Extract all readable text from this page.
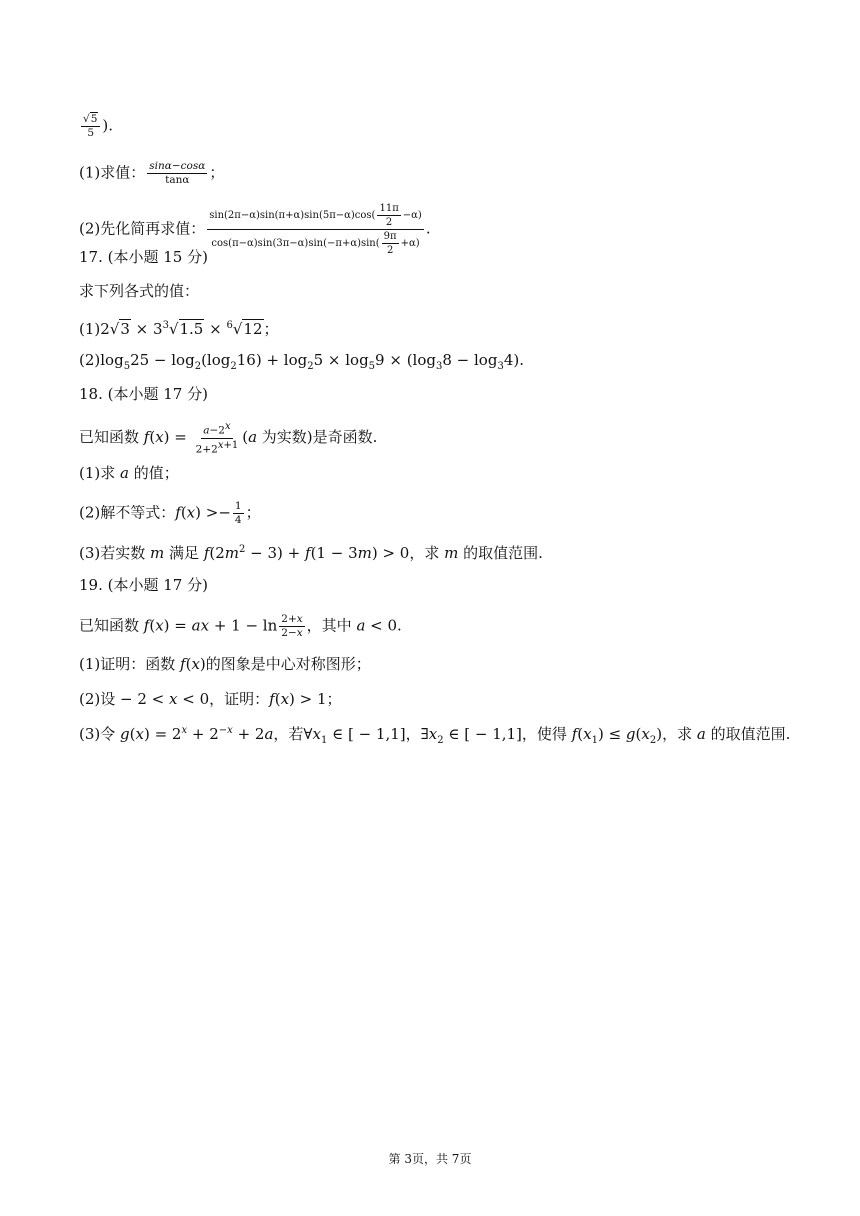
$\frac{√5}{5}$ ).
(1)求值： $\frac{\sin\alpha-\cos\alpha}{\tan\alpha}$ ；
(2)先化简再求值： $\frac{\sin(2\pi-\alpha)\sin(\pi+\alpha)\sin(5\pi-\alpha)\cos( \frac{11\pi}{2} -\alpha)}{\cos(\pi-\alpha)\sin(3\pi-\alpha)\sin(-\pi+\alpha)\sin( \frac{9\pi}{2} +\alpha)}$ .
17. (本小题 15 分)
求下列各式的值：
$(1)2√3 \times 3^3√1.5 \times ^6√12$；
$(2)\log_525 - \log_2(\log_216) + \log_25 \times \log_59 \times (\log_38 - \log_34)$.
18. (本小题 17 分)
已知函数 $f(x) = \frac{a-2^x}{2+2^{x+1}} (a$ 为实数)是奇函数.
(1)求 a 的值；
(2)解不等式：$f(x) >- \frac{1}{4}$ ；
(3)若实数 m 满足 $f(2m^2 - 3) + f(1 - 3m) > 0$，求 m 的取值范围.
19. (本小题 17 分)
已知函数 f(x) = ax + $1 - \ln \frac{2+x}{2-x}$ ，其中 a < 0.
(1)证明：函数 f(x)的图象是中心对称图形；
(2)设 − 2 < x < 0，证明：f(x) > 1；
(3)令 $g(x) = 2^x + 2^{-x} + 2a$，若$\forall x_1$ ∈ [ − 1,1]，$\exists x_2$ ∈ [ − 1,1]，使得 $f(x_1) \le g(x_2)$，求 a 的取值范围.
第 3页，共 7页
